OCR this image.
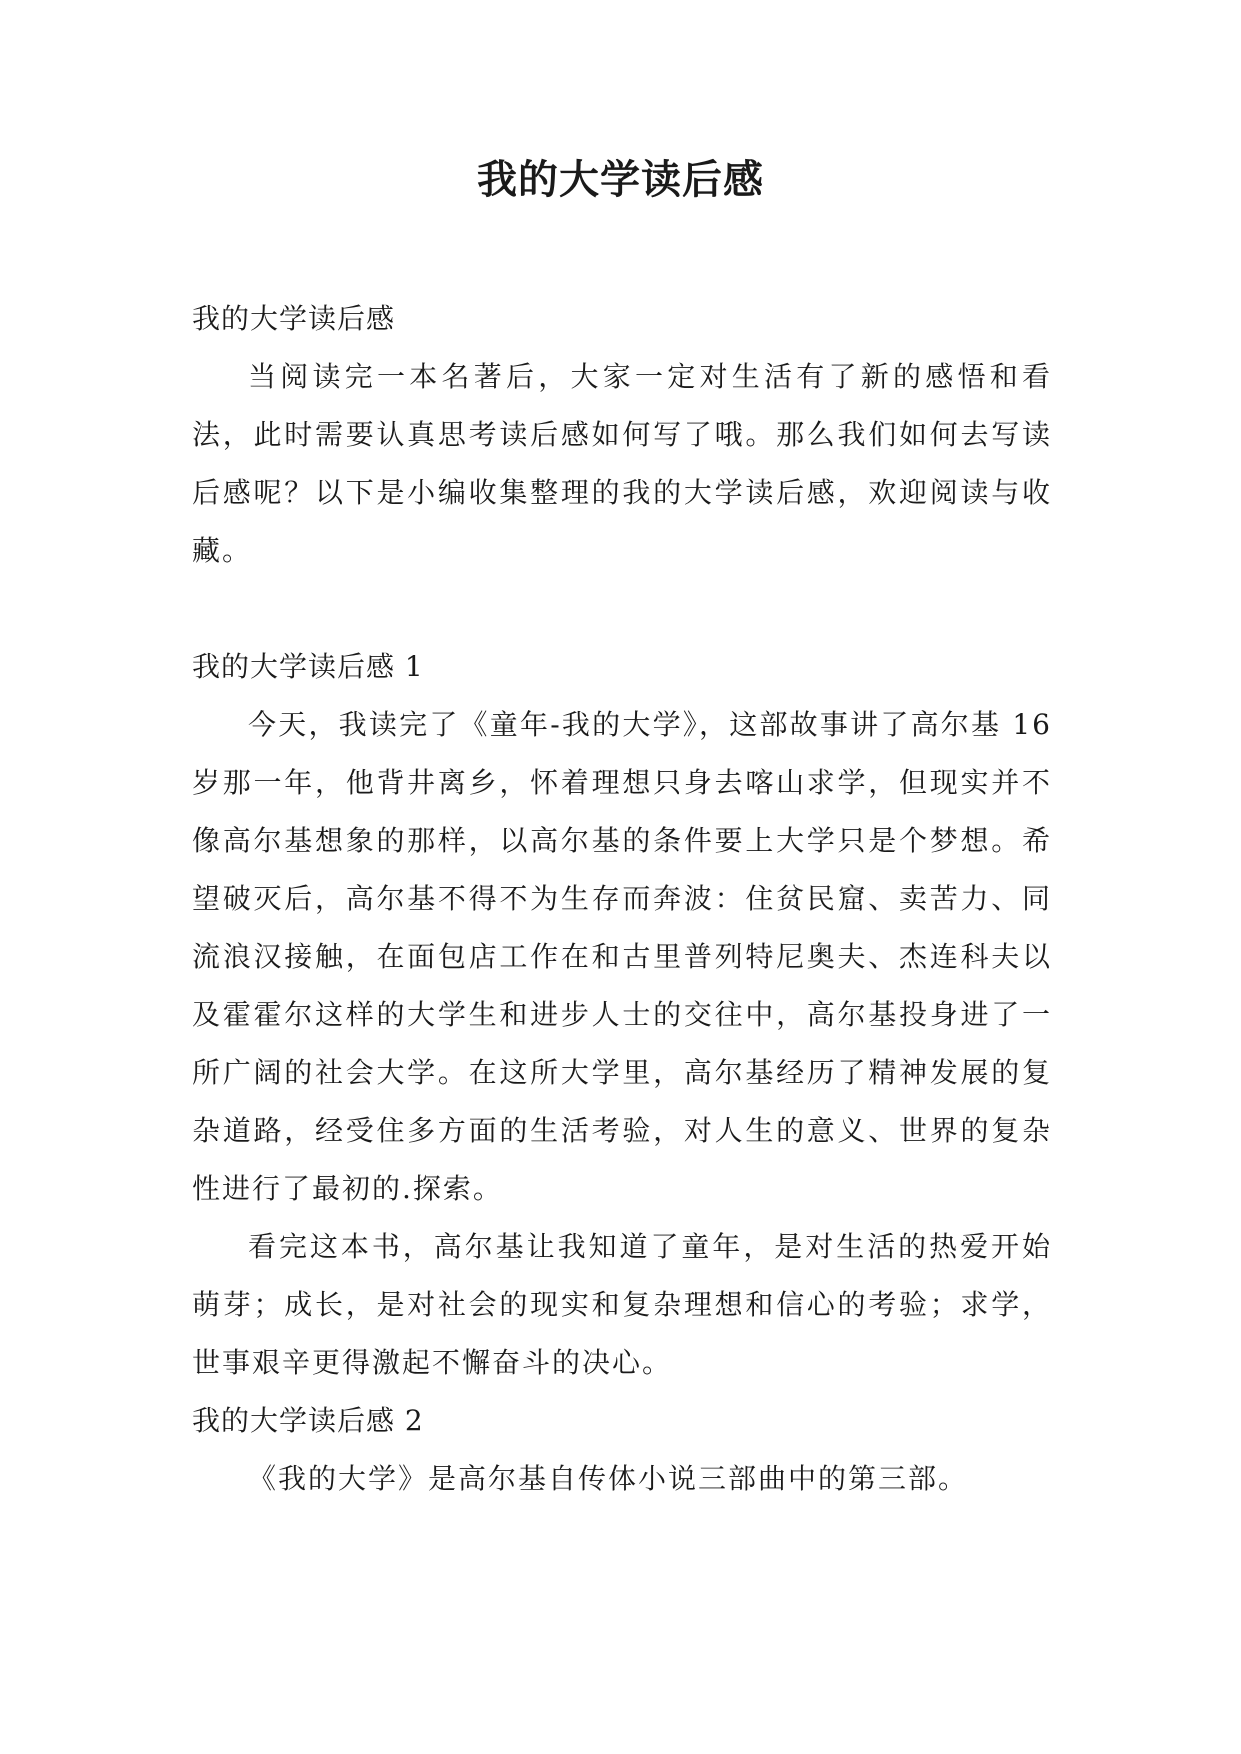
我的大学读后感

我的大学读后感

当阅读完一本名著后，大家一定对生活有了新的感悟和看法，此时需要认真思考读后感如何写了哦。那么我们如何去写读后感呢？以下是小编收集整理的我的大学读后感，欢迎阅读与收藏。

我的大学读后感 1

今天，我读完了《童年-我的大学》，这部故事讲了高尔基 16 岁那一年，他背井离乡，怀着理想只身去喀山求学，但现实并不像高尔基想象的那样，以高尔基的条件要上大学只是个梦想。希望破灭后，高尔基不得不为生存而奔波：住贫民窟、卖苦力、同流浪汉接触，在面包店工作在和古里普列特尼奥夫、杰连科夫以及霍霍尔这样的大学生和进步人士的交往中，高尔基投身进了一所广阔的社会大学。在这所大学里，高尔基经历了精神发展的复杂道路，经受住多方面的生活考验，对人生的意义、世界的复杂性进行了最初的.探索。

看完这本书，高尔基让我知道了童年，是对生活的热爱开始萌芽；成长，是对社会的现实和复杂理想和信心的考验；求学，世事艰辛更得激起不懈奋斗的决心。

我的大学读后感 2

《我的大学》是高尔基自传体小说三部曲中的第三部。
